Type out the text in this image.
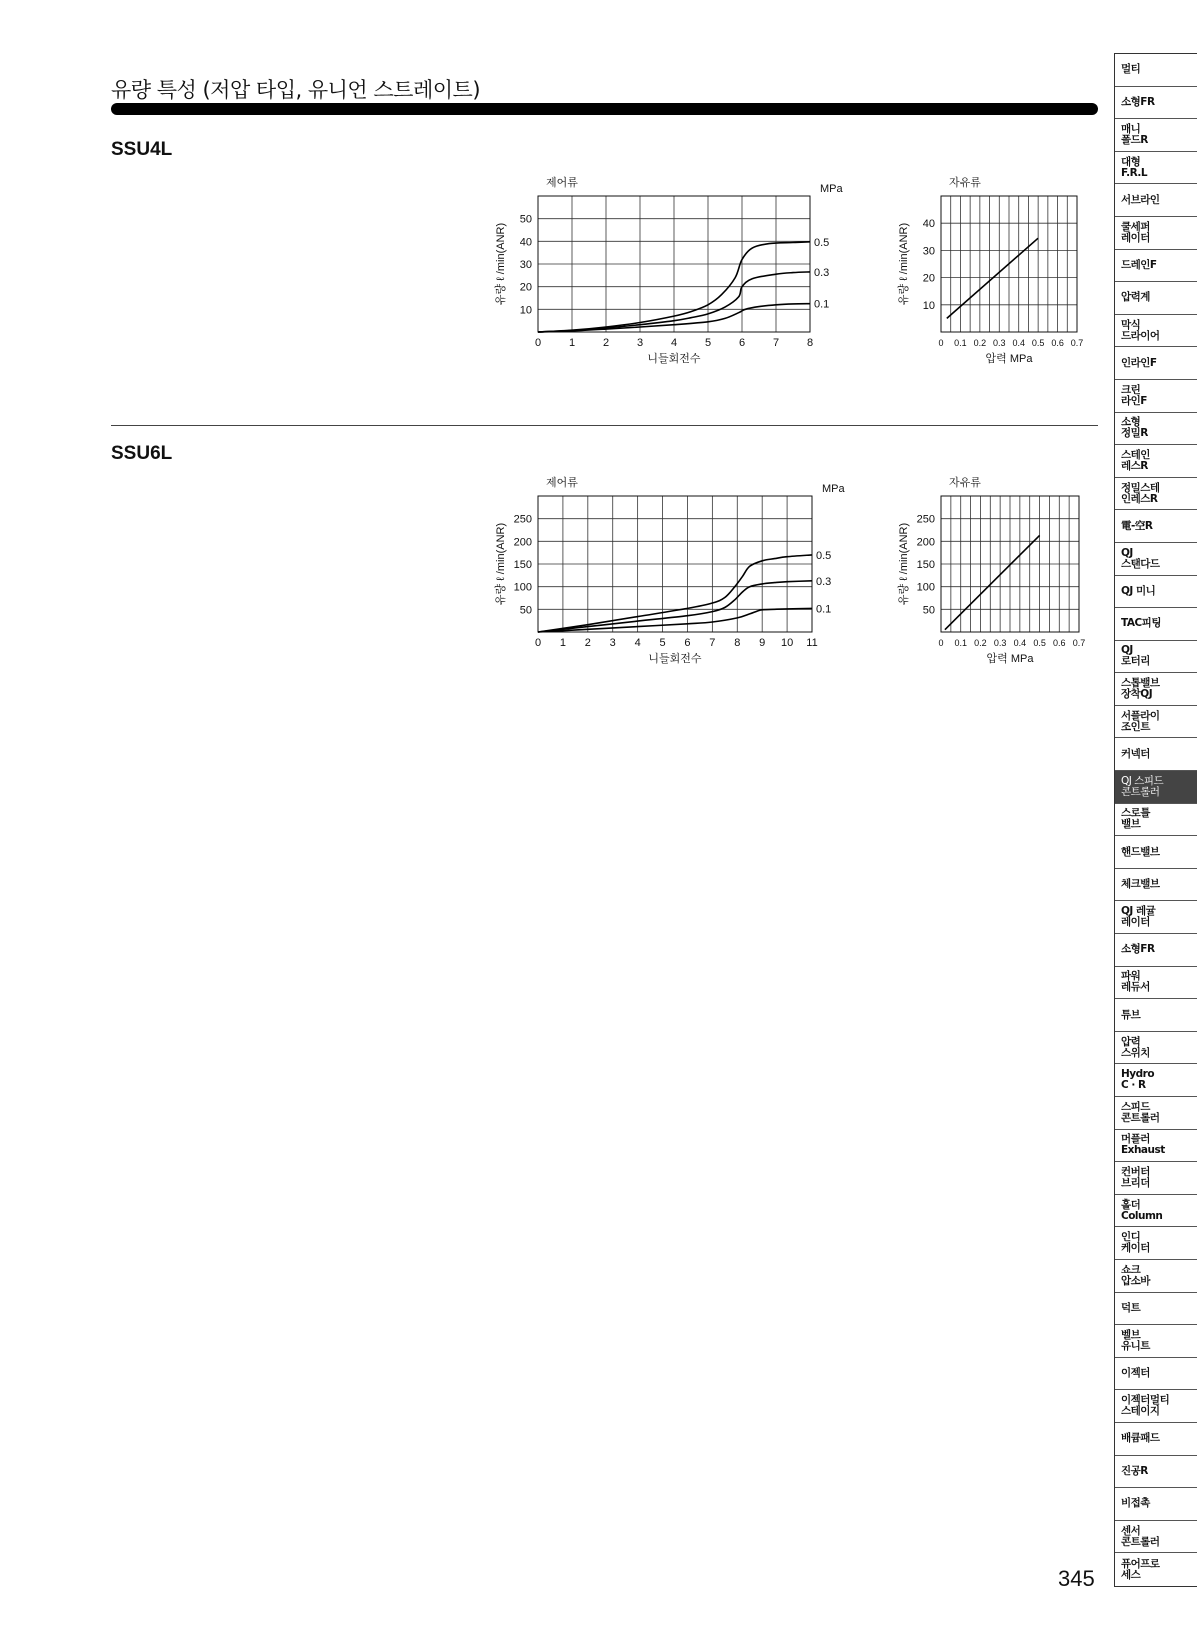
유량 특성 (저압 타입, 유니언 스트레이트)
SSU4L
SSU6L
제어류	MPa
0	1	2	3	4	5	6	7	8
10
20
30
40
50
니들회전수
유량 ℓ /min(ANR)	0.5
0.3
0.1
자유류
0 0.1 0.2 0.3 0.4 0.5 0.6 0.7
10
20
30
40
압력 MPa
유량 ℓ /min(ANR)
제어류	MPa
0 1 2 3 4 5 6 7 8 9 10 11
50
100
150
200
250
니들회전수
유량 ℓ /min(ANR)	0.5
0.3
0.1
자유류
0 0.1 0.2 0.3 0.4 0.5 0.6 0.7
50
100
150
200
250
압력 MPa
유량 ℓ /min(ANR)
345
멀티
소형FR
매니
폴드R
대형
F.R.L
서브라인
쿨세퍼
레이터
드레인F
압력계
막식
드라이어
인라인F
크린
라인F
소형
정밀R
스테인
레스R
정밀스테
인레스R
電-空R
QJ
스탠다드
QJ 미니
TAC피팅
QJ
로터리
스톱밸브
장착QJ
서플라이
조인트
커넥터
QJ 스피드
콘트롤러
스로틀
밸브
핸드밸브
체크밸브
QJ 레귤
레이터
소형FR
파워
레듀서
튜브
압력
스위치
Hydro
C · R
스피드
콘트롤러
머플러
Exhaust
컨버터
브리더
홀더
Column
인디
케이터
쇼크
압소바
덕트
벨브
유니트
이젝터
이젝터멀티
스테이지
배큠패드
진공R
비접촉
센서
콘트롤러
퓨어프로
세스
